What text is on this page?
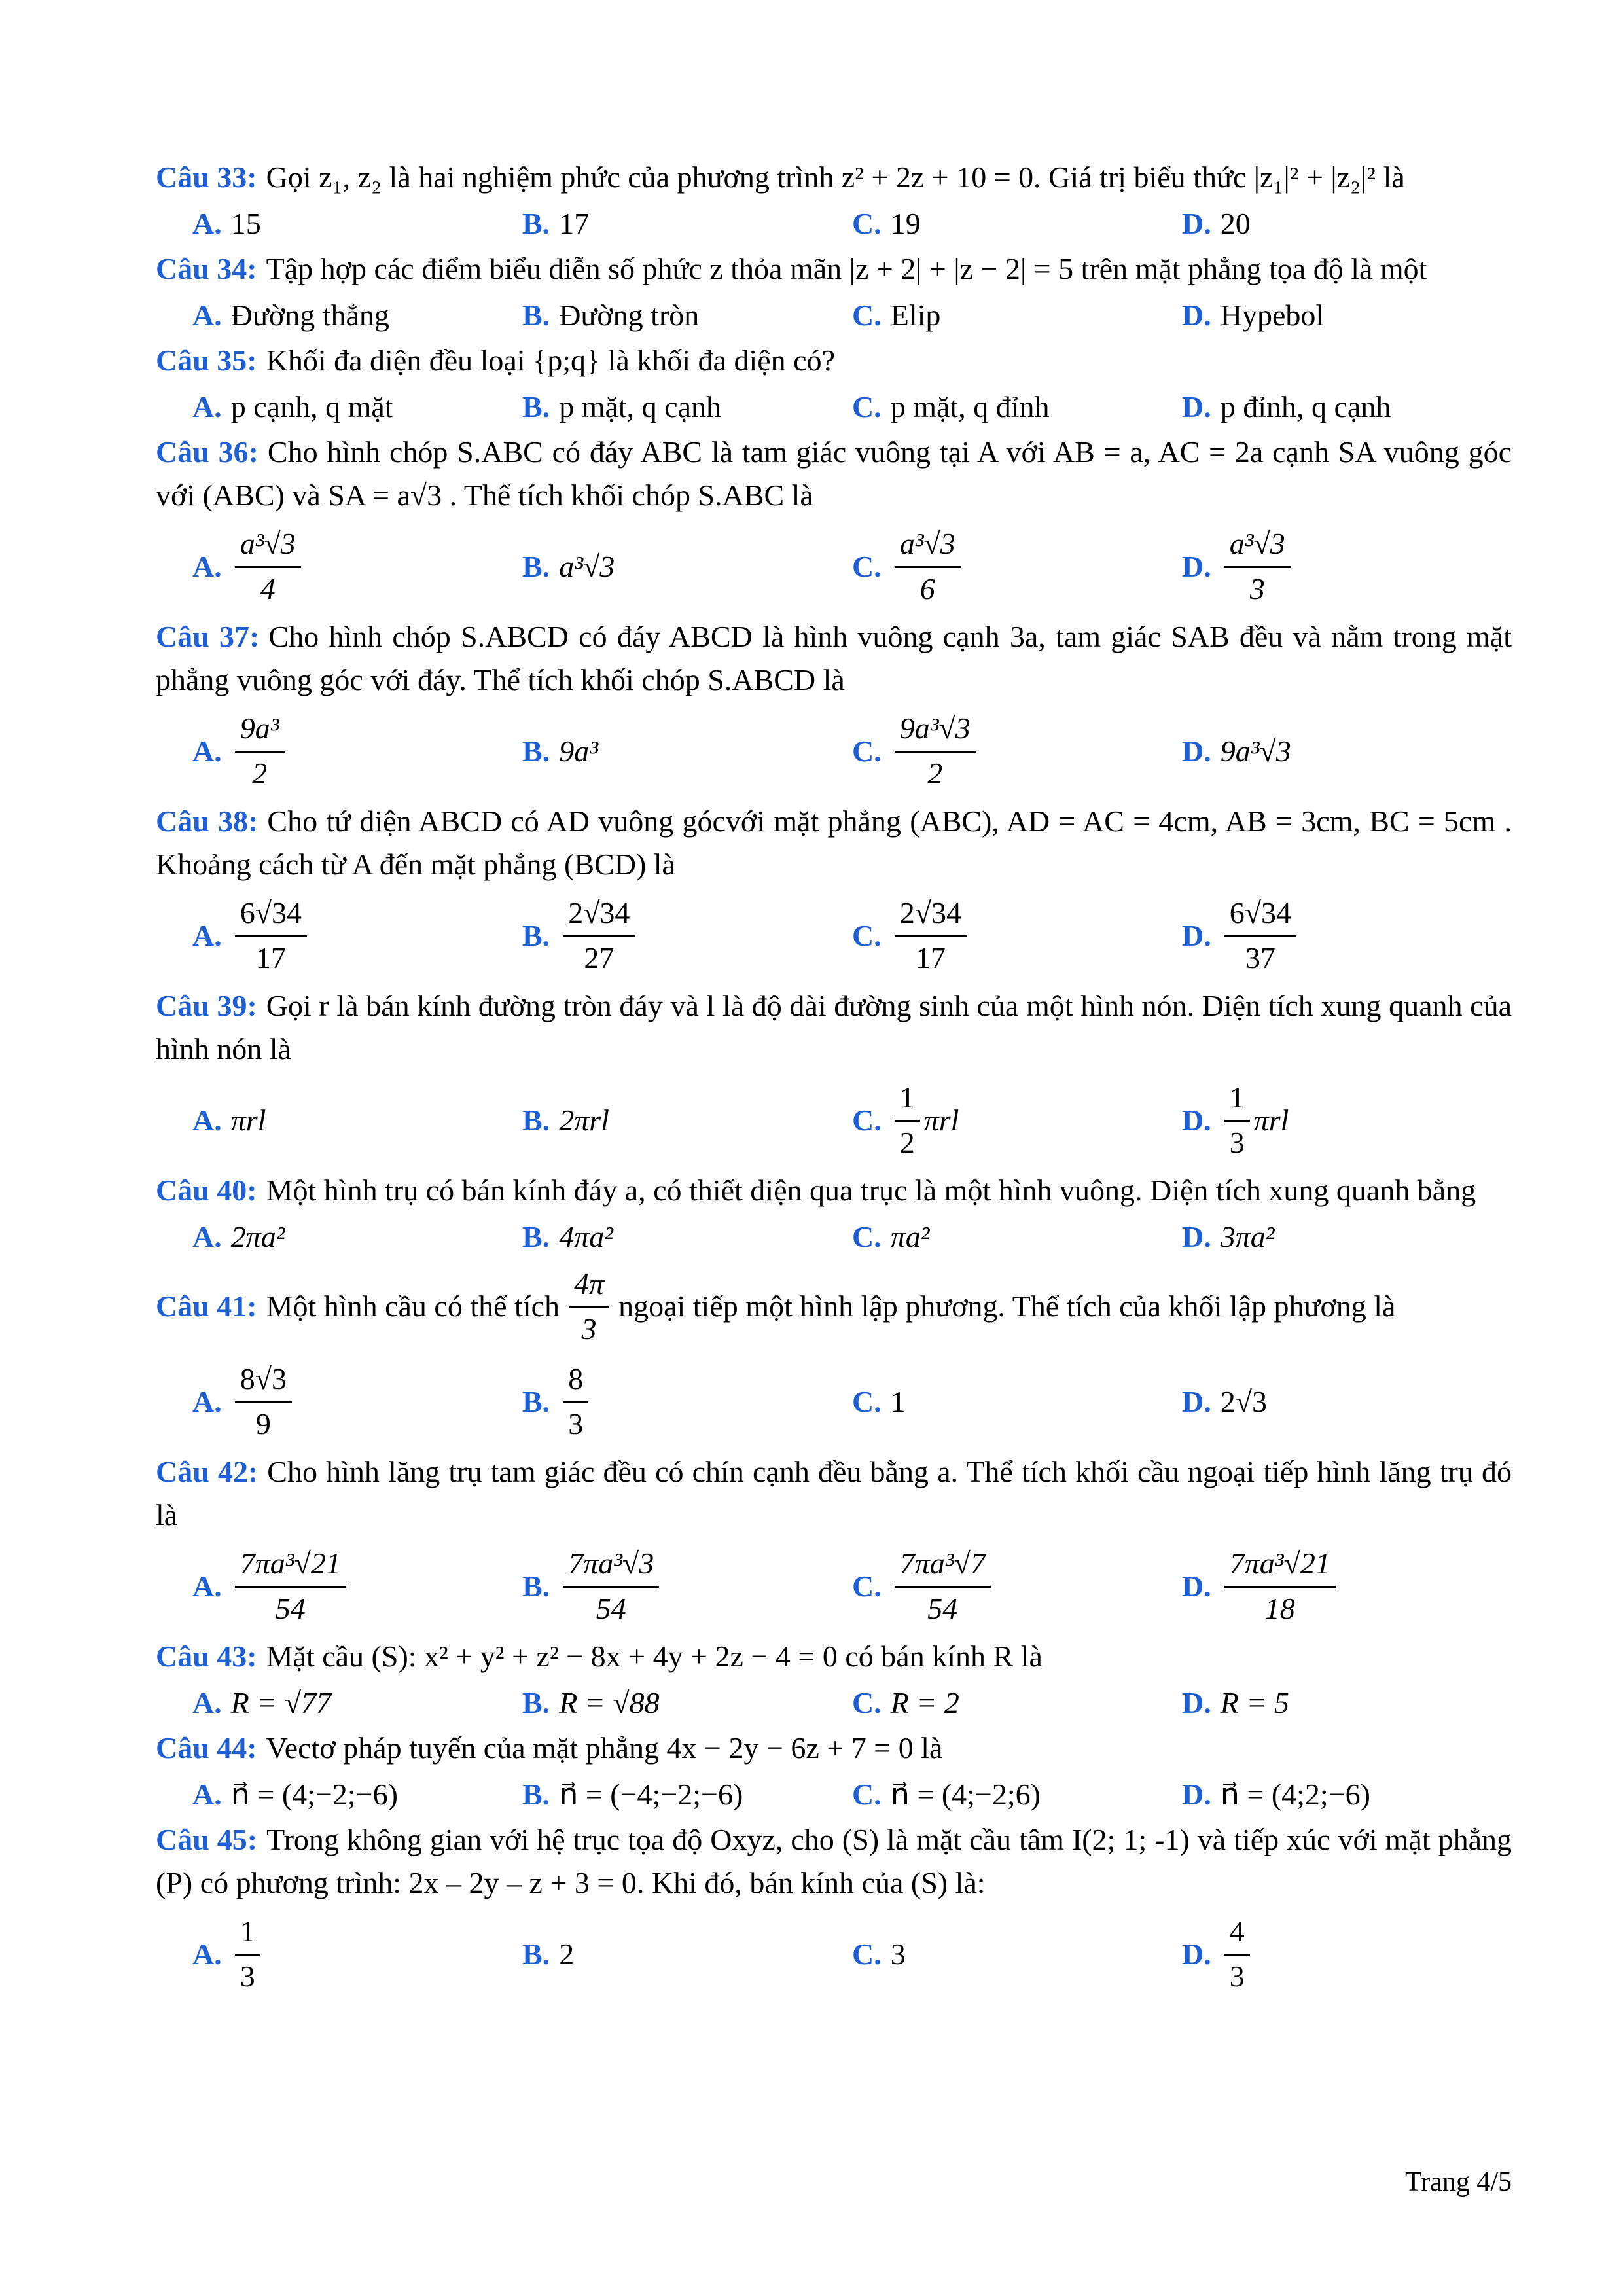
Câu 33: Gọi z₁, z₂ là hai nghiệm phức của phương trình z² + 2z + 10 = 0. Giá trị biểu thức |z₁|² + |z₂|² là
A. 15	B. 17	C. 19	D. 20
Câu 34: Tập hợp các điểm biểu diễn số phức z thỏa mãn |z + 2| + |z − 2| = 5 trên mặt phẳng tọa độ là một
A. Đường thẳng	B. Đường tròn	C. Elip	D. Hypebol
Câu 35: Khối đa diện đều loại {p;q} là khối đa diện có?
A. p cạnh, q mặt	B. p mặt, q cạnh	C. p mặt, q đỉnh	D. p đỉnh, q cạnh
Câu 36: Cho hình chóp S.ABC có đáy ABC là tam giác vuông tại A với AB = a, AC = 2a cạnh SA vuông góc với (ABC) và SA = a√3 . Thể tích khối chóp S.ABC là
A. $\frac{\text{a³√3}}{4}$	B. a³√3	C. $\frac{\text{a³√3}}{6}$	D. $\frac{\text{a³√3}}{3}$
Câu 37: Cho hình chóp S.ABCD có đáy ABCD là hình vuông cạnh 3a, tam giác SAB đều và nằm trong mặt phẳng vuông góc với đáy. Thể tích khối chóp S.ABCD là
A. $\frac{\text{9a³}}{2}$	B. 9a³	C. $\frac{\text{9a³√3}}{2}$	D. 9a³√3
Câu 38: Cho tứ diện ABCD có AD vuông gócvới mặt phẳng (ABC), AD = AC = 4cm, AB = 3cm, BC = 5cm . Khoảng cách từ A đến mặt phẳng (BCD) là
A. $\frac{6√34}{17}$	B. $\frac{2√34}{27}$	C. $\frac{2√34}{17}$	D. $\frac{6√34}{37}$
Câu 39: Gọi r là bán kính đường tròn đáy và l là độ dài đường sinh của một hình nón. Diện tích xung quanh của hình nón là
A. πrl	B. 2πrl	C. $\frac{1}{2}$ πrl	D. $\frac{1}{3}$ πrl
Câu 40: Một hình trụ có bán kính đáy a, có thiết diện qua trục là một hình vuông. Diện tích xung quanh bằng
A. 2πa²	B. 4πa²	C. πa²	D. 3πa²
Câu 41: Một hình cầu có thể tích $\frac{4\pi}{3}$ ngoại tiếp một hình lập phương. Thể tích của khối lập phương là
A. $\frac{8√3}{9}$	B. $\frac{8}{3}$	C. 1	D. 2√3
Câu 42: Cho hình lăng trụ tam giác đều có chín cạnh đều bằng a. Thể tích khối cầu ngoại tiếp hình lăng trụ đó là
A. $\frac{\text{7πa³√21}}{54}$	B. $\frac{\text{7πa³√3}}{54}$	C. $\frac{\text{7πa³√7}}{54}$	D. $\frac{\text{7πa³√21}}{18}$
Câu 43: Mặt cầu (S): x² + y² + z² − 8x + 4y + 2z − 4 = 0 có bán kính R là
A. R = √77	B. R = √88	C. R = 2	D. R = 5
Câu 44: Vectơ pháp tuyến của mặt phẳng 4x − 2y − 6z + 7 = 0 là
A. n⃗ = (4;−2;−6)	B. n⃗ = (−4;−2;−6)	C. n⃗ = (4;−2;6)	D. n⃗ = (4;2;−6)
Câu 45: Trong không gian với hệ trục tọa độ Oxyz, cho (S) là mặt cầu tâm I(2; 1; -1) và tiếp xúc với mặt phẳng (P) có phương trình: 2x – 2y – z + 3 = 0. Khi đó, bán kính của (S) là:
A. $\frac{1}{3}$	B. 2	C. 3	D. $\frac{4}{3}$
Trang 4/5
